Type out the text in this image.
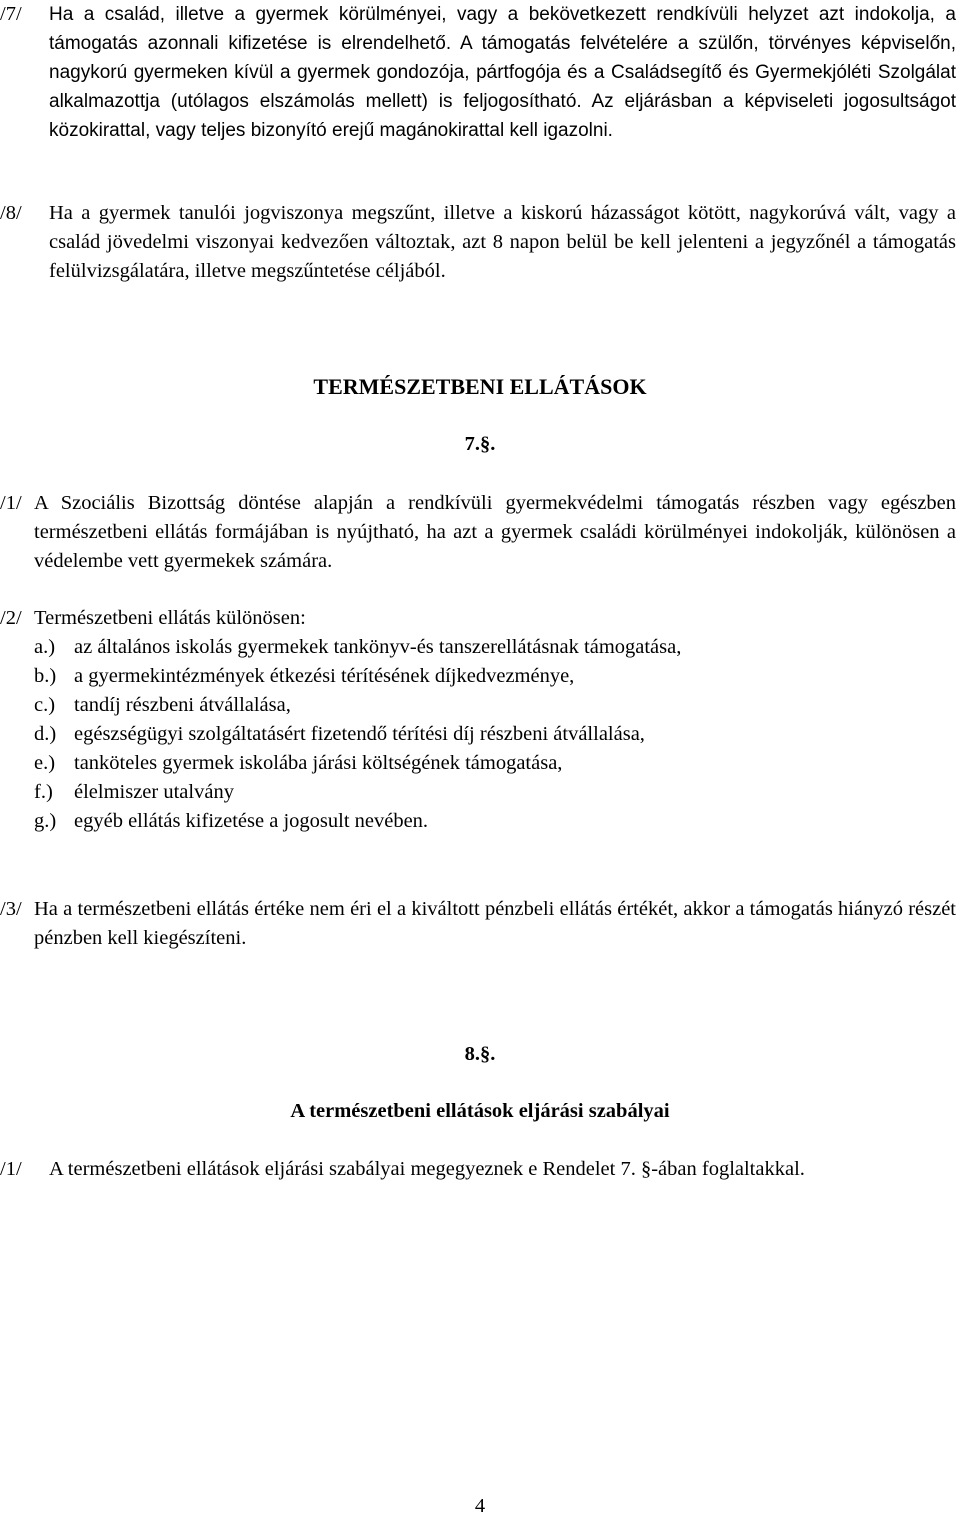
/7/ Ha a család, illetve a gyermek körülményei, vagy a bekövetkezett rendkívüli helyzet azt indokolja, a támogatás azonnali kifizetése is elrendelhető. A támogatás felvételére a szülőn, törvényes képviselőn, nagykorú gyermeken kívül a gyermek gondozója, pártfogója és a Családsegítő és Gyermekjóléti Szolgálat alkalmazottja (utólagos elszámolás mellett) is feljogosítható. Az eljárásban a képviseleti jogosultságot közokirattal, vagy teljes bizonyító erejű magánokirattal kell igazolni.
/8/ Ha a gyermek tanulói jogviszonya megszűnt, illetve a kiskorú házasságot kötött, nagykorúvá vált, vagy a család jövedelmi viszonyai kedvezően változtak, azt 8 napon belül be kell jelenteni a jegyzőnél a támogatás felülvizsgálatára, illetve megszűntetése céljából.
TERMÉSZETBENI ELLÁTÁSOK
7.§.
/1/ A Szociális Bizottság döntése alapján a rendkívüli gyermekvédelmi támogatás részben vagy egészben természetbeni ellátás formájában is nyújtható, ha azt a gyermek családi körülményei indokolják, különösen a védelembe vett gyermekek számára.
/2/ Természetbeni ellátás különösen:
a.) az általános iskolás gyermekek tankönyv-és tanszerellátásnak támogatása,
b.) a gyermekintézmények étkezési térítésének díjkedvezménye,
c.) tandíj részbeni átvállalása,
d.) egészségügyi szolgáltatásért fizetendő térítési díj részbeni átvállalása,
e.) tanköteles gyermek iskolába járási költségének támogatása,
f.) élelmiszer utalvány
g.) egyéb ellátás kifizetése a jogosult nevében.
/3/ Ha a természetbeni ellátás értéke nem éri el a kiváltott pénzbeli ellátás értékét, akkor a támogatás hiányzó részét pénzben kell kiegészíteni.
8.§.
A természetbeni ellátások eljárási szabályai
/1/ A természetbeni ellátások eljárási szabályai megegyeznek e Rendelet 7. §-ában foglaltakkal.
4
